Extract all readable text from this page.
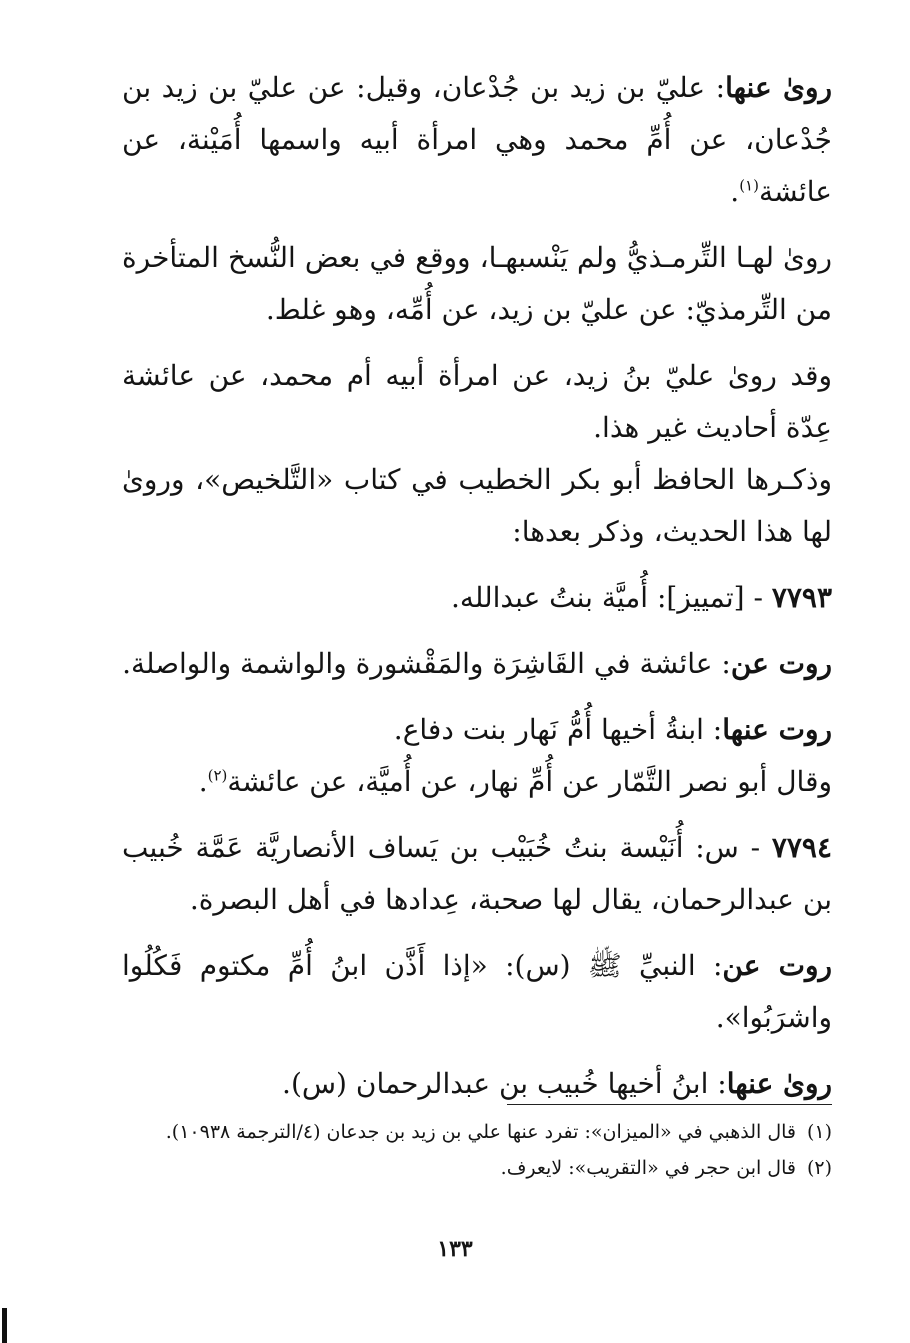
روىٰ عنها: عليّ بن زيد بن جُدْعان، وقيل: عن عليّ بن زيد بن جُدْعان، عن أُمِّ محمد وهي امرأة أبيه واسمها أُمَيْنة، عن عائشة$^{(١)}$.

روىٰ لهـا التِّرمـذيُّ ولم يَنْسبهـا، ووقع في بعض النُّسخ المتأخرة من التِّرمذيّ: عن عليّ بن زيد، عن أُمِّه، وهو غلط.

وقد روىٰ عليّ بنُ زيد، عن امرأة أبيه أم محمد، عن عائشة عِدّة أحاديث غير هذا.

وذكـرها الحافظ أبو بكر الخطيب في كتاب «التَّلخيص»، وروىٰ لها هذا الحديث، وذكر بعدها:

٧٧٩٣ - [تمييز]: أُميَّة بنتُ عبدالله.

روت عن: عائشة في القَاشِرَة والمَقْشورة والواشمة والواصلة.

روت عنها: ابنةُ أخيها أُمُّ نَهار بنت دفاع.
وقال أبو نصر التَّمّار عن أُمِّ نهار، عن أُميَّة، عن عائشة$^{(٢)}$.

٧٧٩٤ - س: أُنَيْسة بنتُ خُبَيْب بن يَساف الأنصاريَّة عَمَّة خُبيب بن عبدالرحمان، يقال لها صحبة، عِدادها في أهل البصرة.

روت عن: النبيِّ ﷺ (س): «إذا أَذَّن ابنُ أُمِّ مكتوم فَكُلُوا واشرَبُوا».

روىٰ عنها: ابنُ أخيها خُبيب بن عبدالرحمان (س).

(١)قال الذهبي في «الميزان»: تفرد عنها علي بن زيد بن جدعان (٤/الترجمة ١٠٩٣٨).

(٢)قال ابن حجر في «التقريب»: لايعرف.

١٣٣
